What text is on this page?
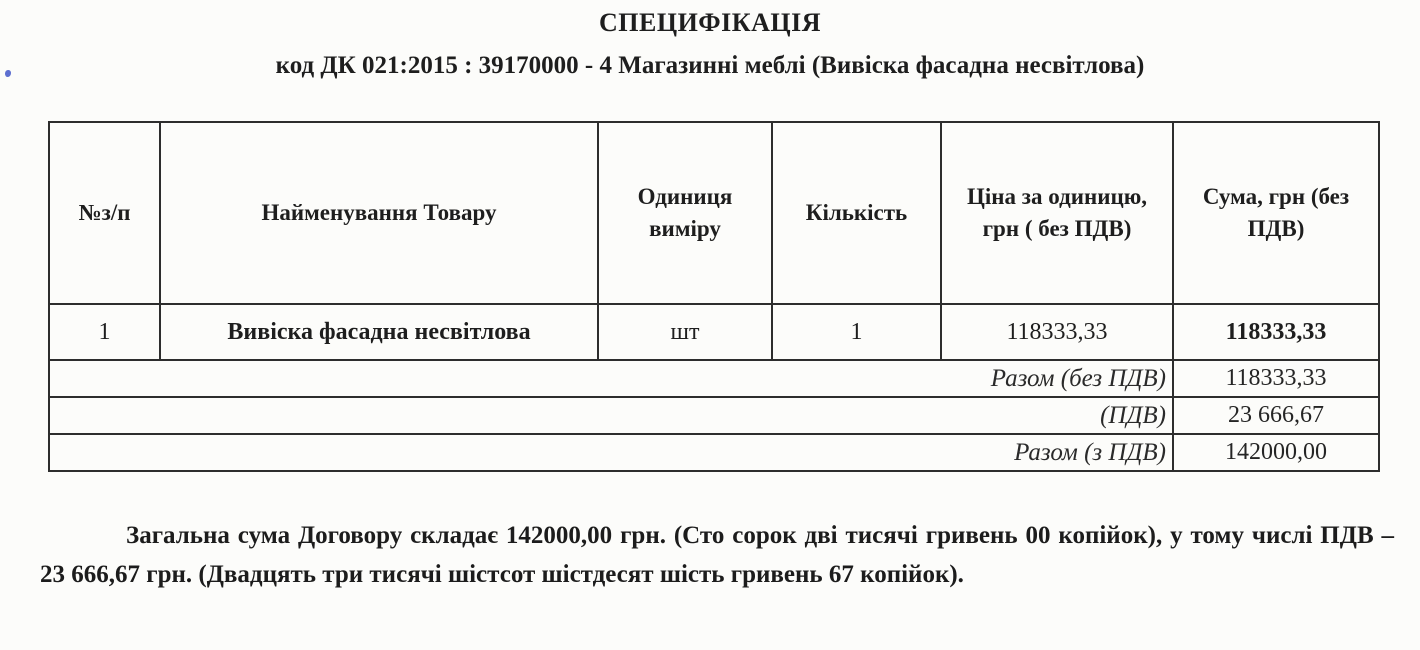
СПЕЦИФІКАЦІЯ
код ДК 021:2015 : 39170000 - 4 Магазинні меблі (Вивіска фасадна несвітлова)
№з/п	Найменування Товару	Одиниця виміру	Кількість	Ціна за одиницю, грн ( без ПДВ)	Сума, грн (без ПДВ)
1	Вивіска фасадна несвітлова	шт	1	118333,33	118333,33
Разом (без ПДВ)					118333,33
(ПДВ)					23 666,67
Разом (з ПДВ)					142000,00
Загальна сума Договору складає 142000,00 грн. (Сто сорок дві тисячі гривень 00 копійок), у тому числі ПДВ – 23 666,67 грн. (Двадцять три тисячі шістсот шістдесят шість гривень 67 копійок).
